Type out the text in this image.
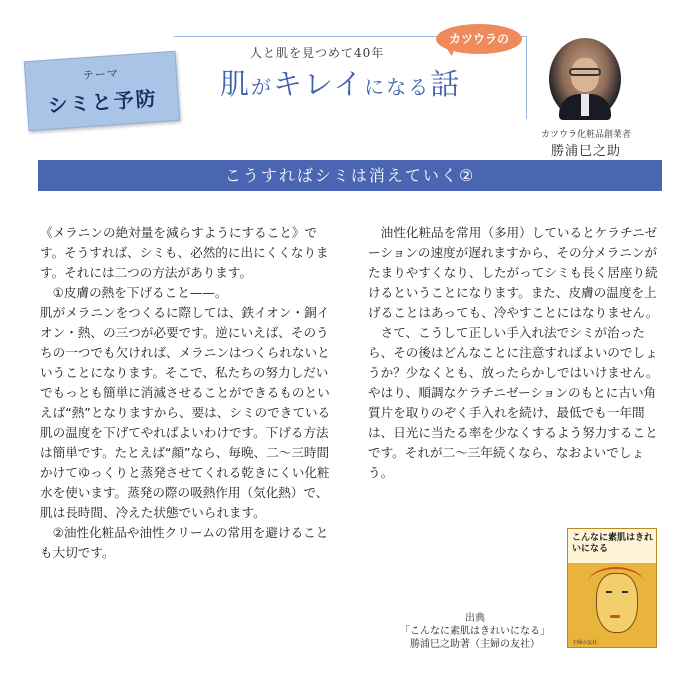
テーマ
シミと予防
人と肌を見つめて40年
カツウラの
肌がキレイになる話
カツウラ化粧品創業者
勝浦巳之助
こうすればシミは消えていく②

《メラニンの絶対量を減らすようにすること》です。そうすれば、シミも、必然的に出にくくなります。それには二つの方法があります。

　①皮膚の熱を下げること——。

肌がメラニンをつくるに際しては、鉄イオン・銅イオン・熱、の三つが必要です。逆にいえば、そのうちの一つでも欠ければ、メラニンはつくられないということになります。そこで、私たちの努力しだいでもっとも簡単に消滅させることができるものといえば“熱”となりますから、要は、シミのできている肌の温度を下げてやればよいわけです。下げる方法は簡単です。たとえば“顔”なら、毎晩、二〜三時間かけてゆっくりと蒸発させてくれる乾きにくい化粧水を使います。蒸発の際の吸熱作用（気化熱）で、肌は長時間、冷えた状態でいられます。

　②油性化粧品や油性クリームの常用を避けることも大切です。

　油性化粧品を常用（多用）しているとケラチニゼーションの速度が遅れますから、その分メラニンがたまりやすくなり、したがってシミも長く居座り続けるということになります。また、皮膚の温度を上げることはあっても、冷やすことにはなりません。

　さて、こうして正しい手入れ法でシミが治ったら、その後はどんなことに注意すればよいのでしょうか？少なくとも、放ったらかしではいけません。やはり、順調なケラチニゼーションのもとに古い角質片を取りのぞく手入れを続け、最低でも一年間は、日光に当たる率を少なくするよう努力することです。それが二〜三年続くなら、なおよいでしょう。

出典
「こんなに素肌はきれいになる」
勝浦巳之助著（主婦の友社）
こんなに素肌はきれいになる
主婦の友社
